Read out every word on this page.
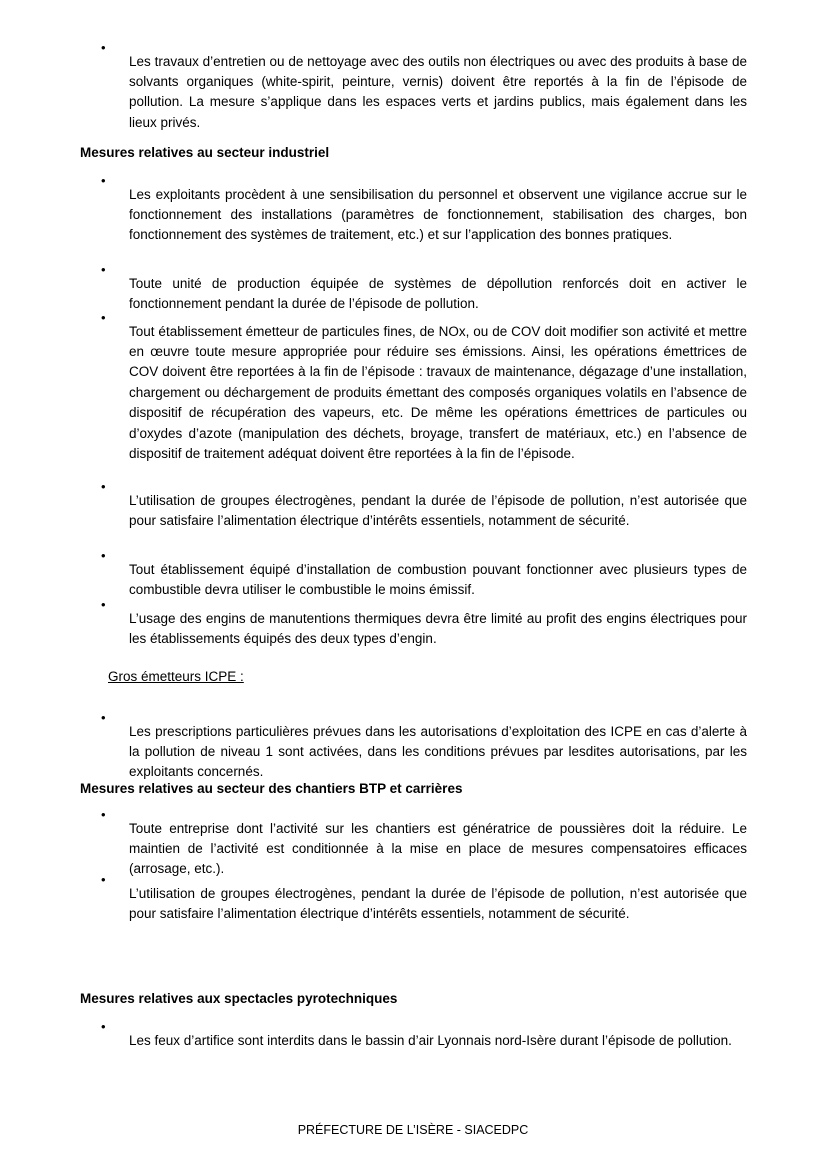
•

Les travaux d’entretien ou de nettoyage avec des outils non électriques ou avec des produits à base de solvants organiques (white-spirit, peinture, vernis) doivent être reportés à la fin de l’épisode de pollution. La mesure s’applique dans les espaces verts et jardins publics, mais également dans les lieux privés.

Mesures relatives au secteur industriel
•

Les exploitants procèdent à une sensibilisation du personnel et observent une vigilance accrue sur le fonctionnement des installations (paramètres de fonctionnement, stabilisation des charges, bon fonctionnement des systèmes de traitement, etc.) et sur l’application des bonnes pratiques.

•

Toute unité de production équipée de systèmes de dépollution renforcés doit en activer le fonctionnement pendant la durée de l’épisode de pollution.

•

Tout établissement émetteur de particules fines, de NOx, ou de COV doit modifier son activité et mettre en œuvre toute mesure appropriée pour réduire ses émissions. Ainsi, les opérations émettrices de COV doivent être reportées à la fin de l’épisode : travaux de maintenance, dégazage d’une installation, chargement ou déchargement de produits émettant des composés organiques volatils en l’absence de dispositif de récupération des vapeurs, etc. De même les opérations émettrices de particules ou d’oxydes d’azote (manipulation des déchets, broyage, transfert de matériaux, etc.) en l’absence de dispositif de traitement adéquat doivent être reportées à la fin de l’épisode.

•

L’utilisation de groupes électrogènes, pendant la durée de l’épisode de pollution, n’est autorisée que pour satisfaire l’alimentation électrique d’intérêts essentiels, notamment de sécurité.

•

Tout établissement équipé d’installation de combustion pouvant fonctionner avec plusieurs types de combustible devra utiliser le combustible le moins émissif.

•

L’usage des engins de manutentions thermiques devra être limité au profit des engins électriques pour les établissements équipés des deux types d’engin.

Gros émetteurs ICPE :
•

Les prescriptions particulières prévues dans les autorisations d’exploitation des ICPE en cas d’alerte à la pollution de niveau 1 sont activées, dans les conditions prévues par lesdites autorisations, par les exploitants concernés.

Mesures relatives au secteur des chantiers BTP et carrières
•

Toute entreprise dont l’activité sur les chantiers est génératrice de poussières doit la réduire. Le maintien de l’activité est conditionnée à la mise en place de mesures compensatoires efficaces (arrosage, etc.).

•

L’utilisation de groupes électrogènes, pendant la durée de l’épisode de pollution, n’est autorisée que pour satisfaire l’alimentation électrique d’intérêts essentiels, notamment de sécurité.

Mesures relatives aux spectacles pyrotechniques
•

Les feux d’artifice sont interdits dans le bassin d’air Lyonnais nord-Isère durant l’épisode de pollution.

PRÉFECTURE DE L’ISÈRE - SIACEDPC
